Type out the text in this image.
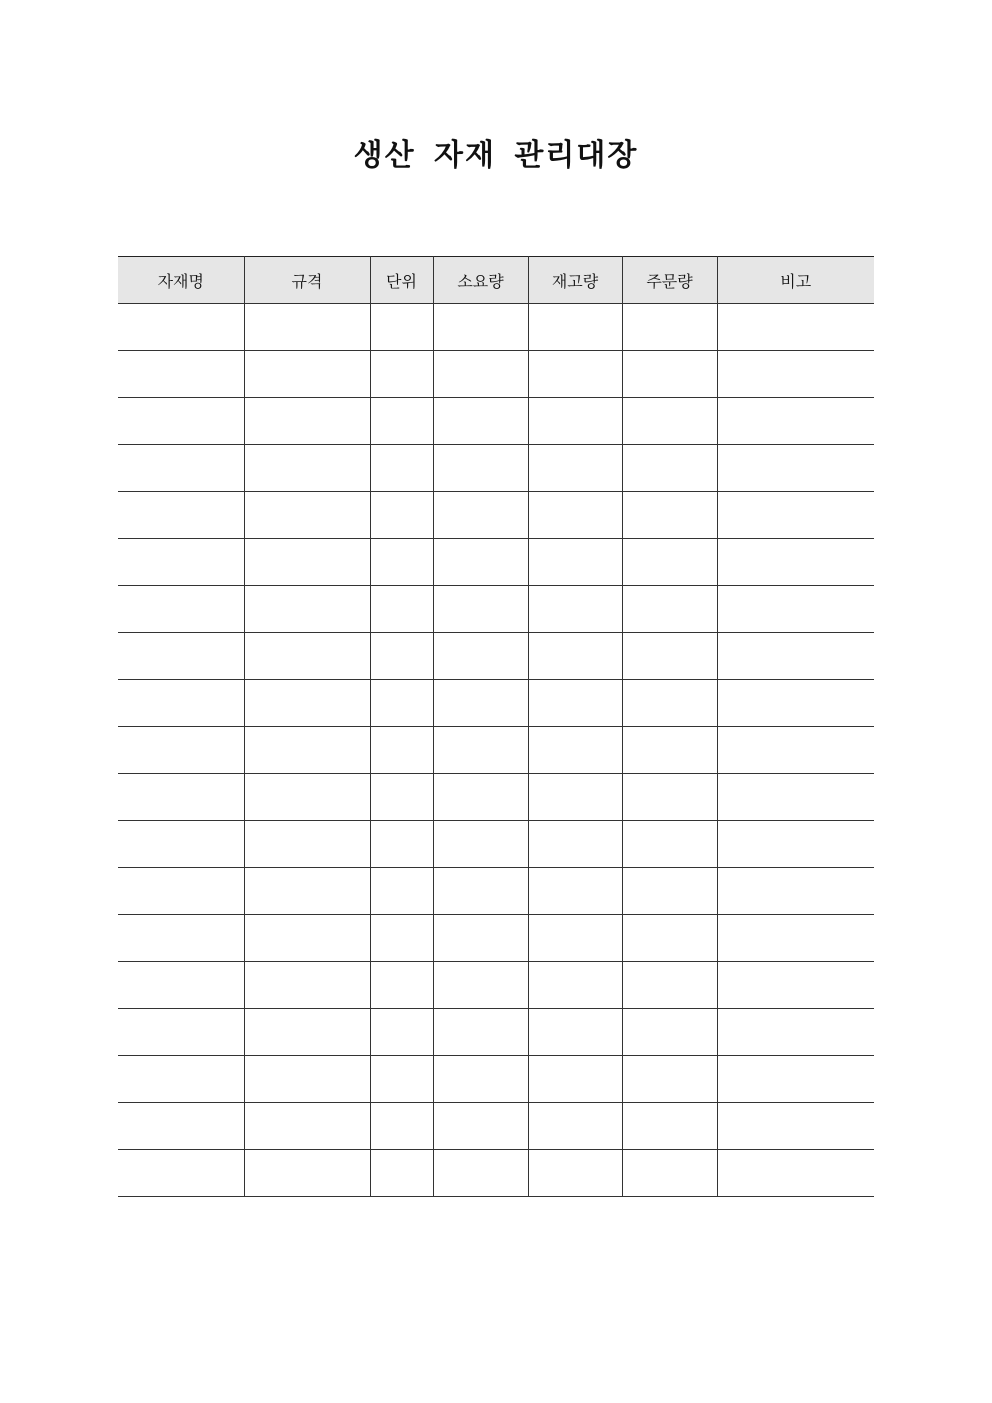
생산 자재 관리대장
자재명	규격	단위	소요량	재고량	주문량	비고
